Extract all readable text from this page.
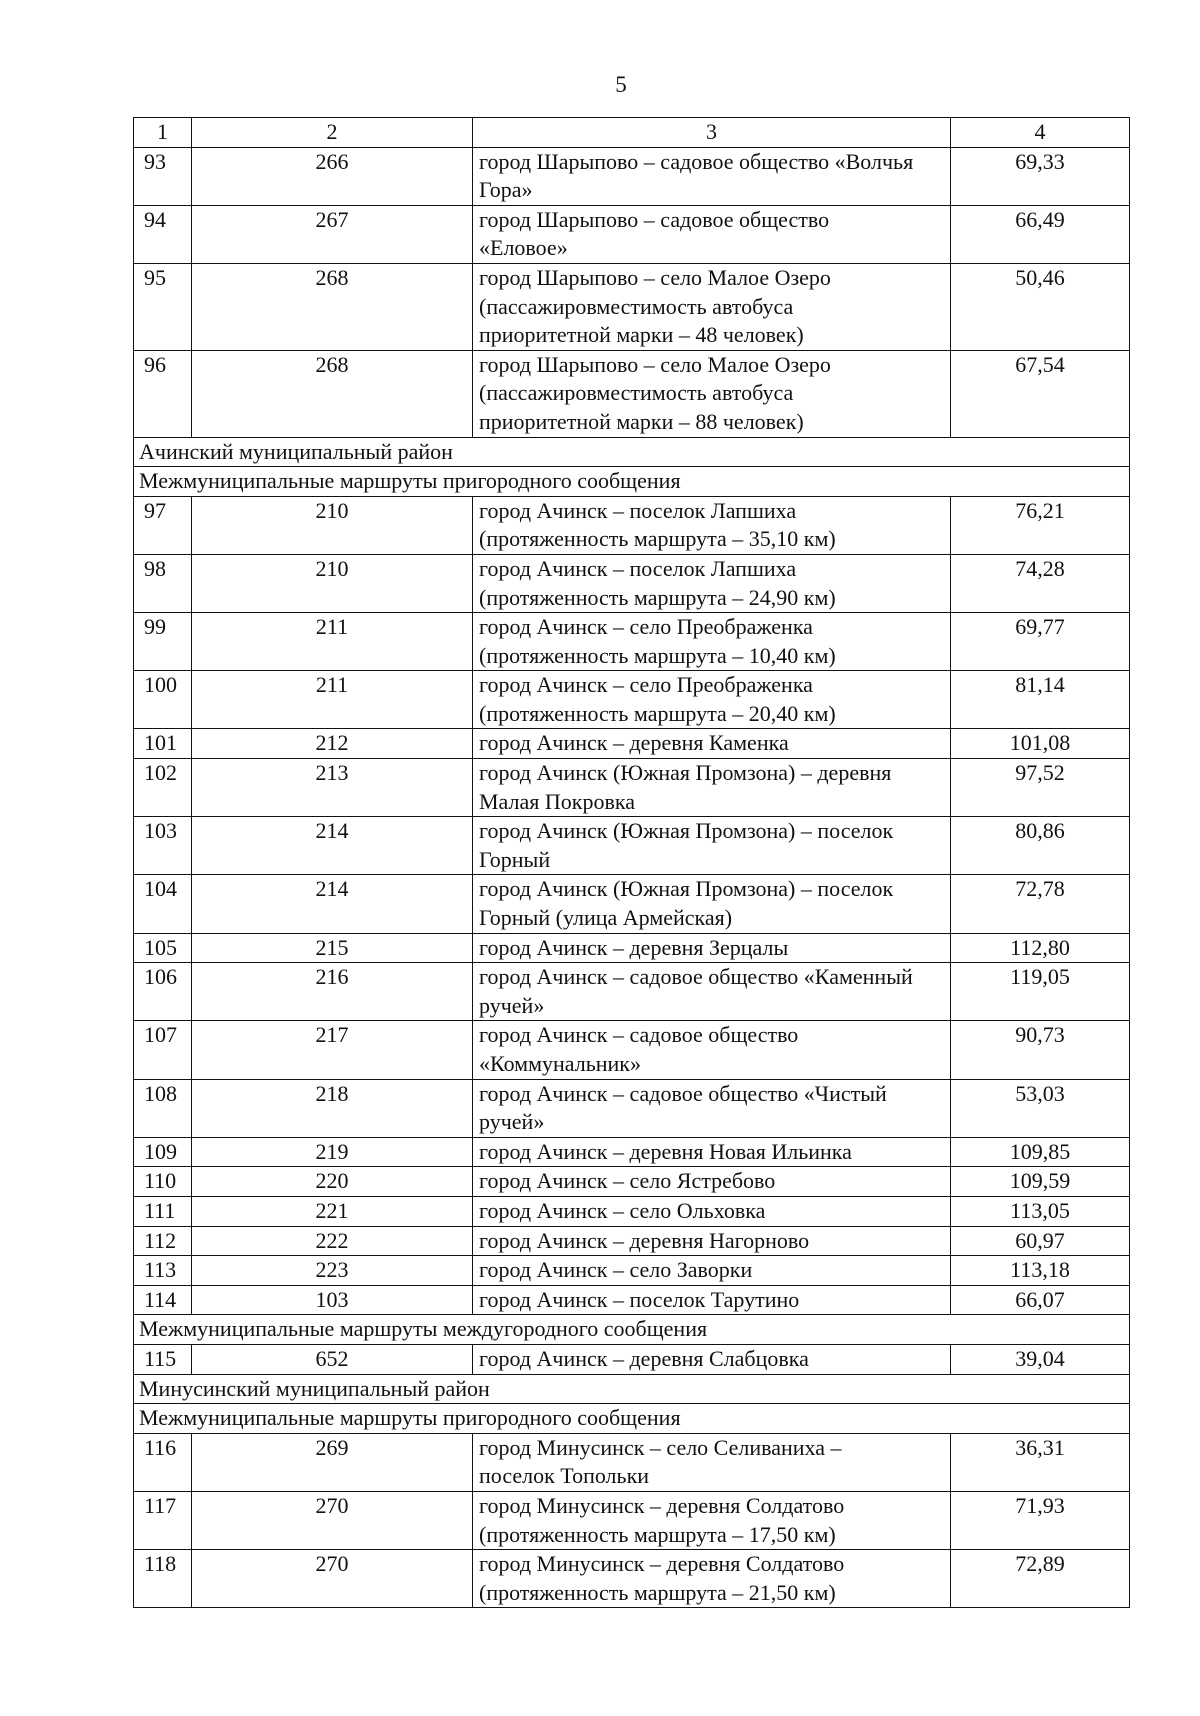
5
1	2	3	4
93	266	город Шарыпово – садовое общество «Волчья
Гора»	69,33
94	267	город Шарыпово – садовое общество
«Еловое»	66,49
95	268	город Шарыпово – село Малое Озеро
(пассажировместимость автобуса
приоритетной марки – 48 человек)	50,46
96	268	город Шарыпово – село Малое Озеро
(пассажировместимость автобуса
приоритетной марки – 88 человек)	67,54
Ачинский муниципальный район			
Межмуниципальные маршруты пригородного сообщения			
97	210	город Ачинск – поселок Лапшиха
(протяженность маршрута – 35,10 км)	76,21
98	210	город Ачинск – поселок Лапшиха
(протяженность маршрута – 24,90 км)	74,28
99	211	город Ачинск – село Преображенка
(протяженность маршрута – 10,40 км)	69,77
100	211	город Ачинск – село Преображенка
(протяженность маршрута – 20,40 км)	81,14
101	212	город Ачинск – деревня Каменка	101,08
102	213	город Ачинск (Южная Промзона) – деревня
Малая Покровка	97,52
103	214	город Ачинск (Южная Промзона) – поселок
Горный	80,86
104	214	город Ачинск (Южная Промзона) – поселок
Горный (улица Армейская)	72,78
105	215	город Ачинск – деревня Зерцалы	112,80
106	216	город Ачинск – садовое общество «Каменный
ручей»	119,05
107	217	город Ачинск – садовое общество
«Коммунальник»	90,73
108	218	город Ачинск – садовое общество «Чистый
ручей»	53,03
109	219	город Ачинск – деревня Новая Ильинка	109,85
110	220	город Ачинск – село Ястребово	109,59
111	221	город Ачинск – село Ольховка	113,05
112	222	город Ачинск – деревня Нагорново	60,97
113	223	город Ачинск – село Заворки	113,18
114	103	город Ачинск – поселок Тарутино	66,07
Межмуниципальные маршруты междугородного сообщения			
115	652	город Ачинск – деревня Слабцовка	39,04
Минусинский муниципальный район			
Межмуниципальные маршруты пригородного сообщения			
116	269	город Минусинск – село Селиваниха –
поселок Топольки	36,31
117	270	город Минусинск – деревня Солдатово
(протяженность маршрута – 17,50 км)	71,93
118	270	город Минусинск – деревня Солдатово
(протяженность маршрута – 21,50 км)	72,89
